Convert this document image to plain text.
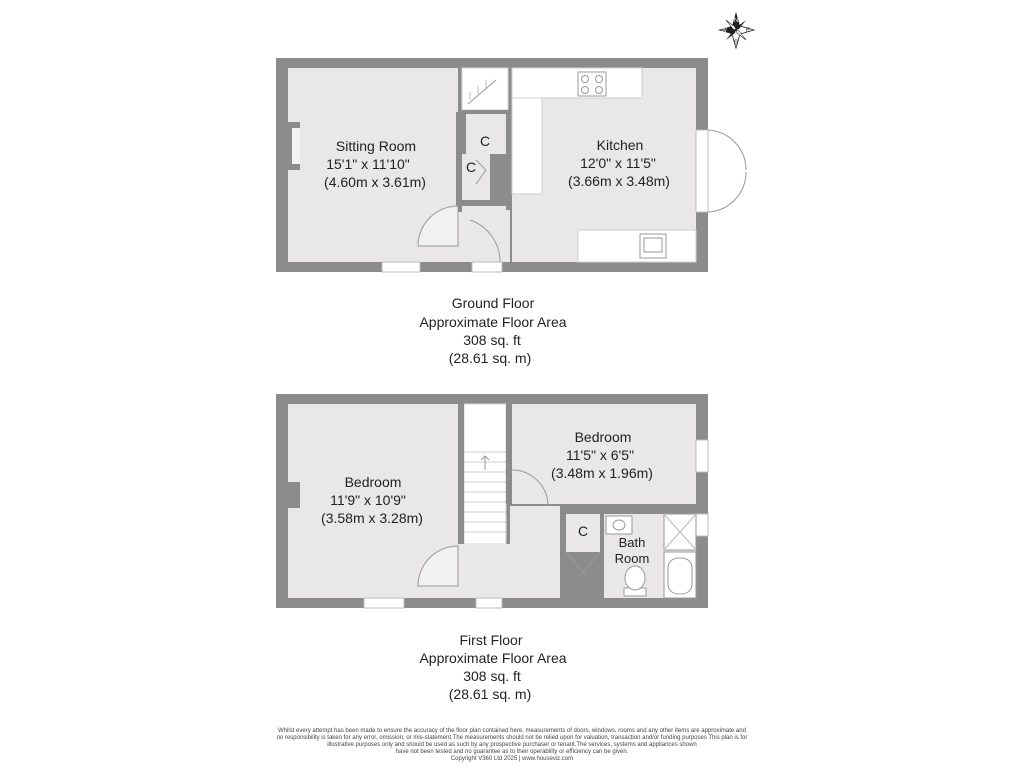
N
E
S
W
C
C
Sitting Room
15'1" x 11'10"
(4.60m x 3.61m)
Kitchen
12'0" x 11'5"
(3.66m x 3.48m)
Ground Floor
Approximate Floor Area
308 sq. ft
(28.61 sq. m)
C
Bath
Room
Bedroom
11'9" x 10'9"
(3.58m x 3.28m)
Bedroom
11'5" x 6'5"
(3.48m x 1.96m)
First Floor
Approximate Floor Area
308 sq. ft
(28.61 sq. m)
Whilst every attempt has been made to ensure the accuracy of the floor plan contained here, measurements of doors, windows, rooms and any other items are approximate and
no responsibility is taken for any error, omission, or mis-statement.The measurements should not be relied upon for valuation, transaction and/or funding purposes This plan is for
illustrative purposes only and should be used as such by any prospective purchaser or tenant.The services, systems and appliances shown
have not been tested and no guarantee as to their operability or efficiency can be given.
Copyright V360 Ltd 2025 | www.houseviz.com
